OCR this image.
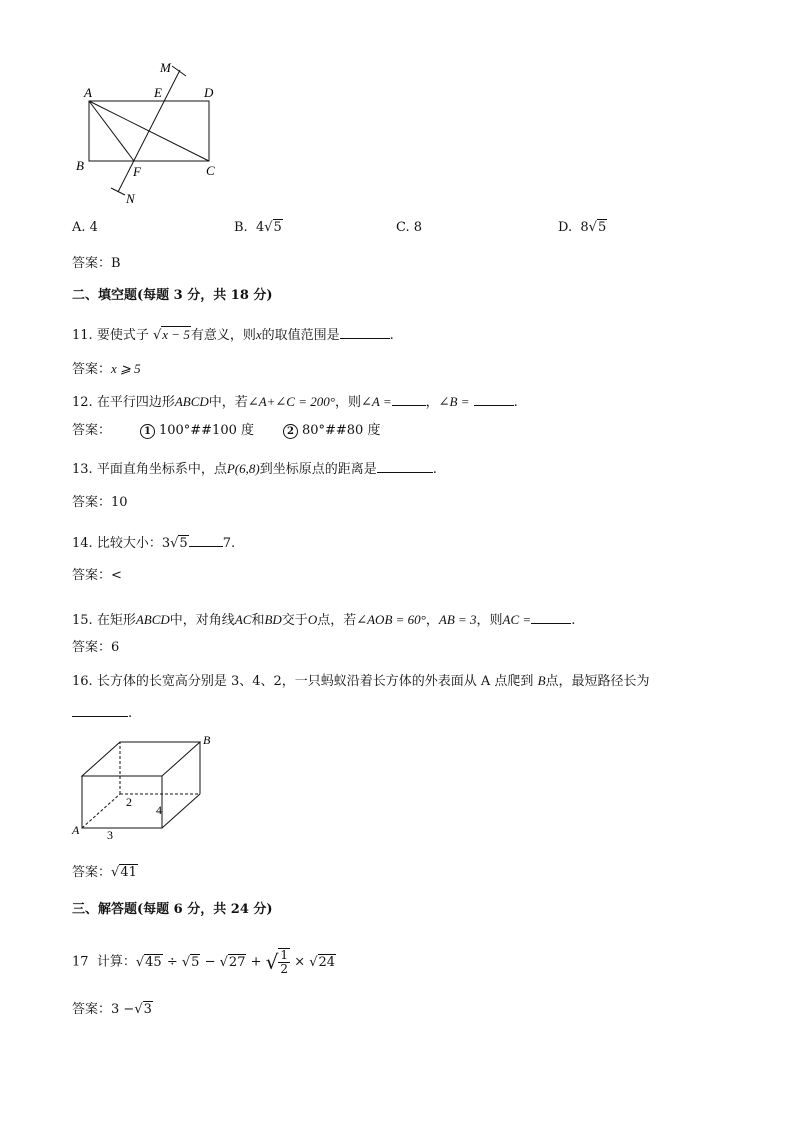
A
B	C
D
E
F
M
N
A. 4	B. 4√5	C. 8	D. 8√5
答案：B
二、填空题(每题 3 分，共 18 分)
11. 要使式子 √x − 5有意义，则x的取值范围是	.
答案：x ⩾ 5
12. 在平行四边形ABCD中，若∠A+∠C = 200°，则∠A =	，∠B =	.
答案：	1 100°##100 度	2 80°##80 度
13. 平面直角坐标系中，点P(6,8)到坐标原点的距离是	.
答案：10
14. 比较大小：3√5	7.
答案：<
15. 在矩形ABCD中，对角线AC和BD交于O点，若∠AOB = 60°，AB = 3，则AC =	.
答案：6
16. 长方体的长宽高分别是 3、4、2，一只蚂蚁沿着长方体的外表面从 A 点爬到 B点，最短路径长为
.
A
B
3
4
2
答案：√41
三、解答题(每题 6 分，共 24 分)
17 计算：√45 ÷ √5 − √27 + √ $\frac{1}{2} \times √24$
答案：3 −√3
